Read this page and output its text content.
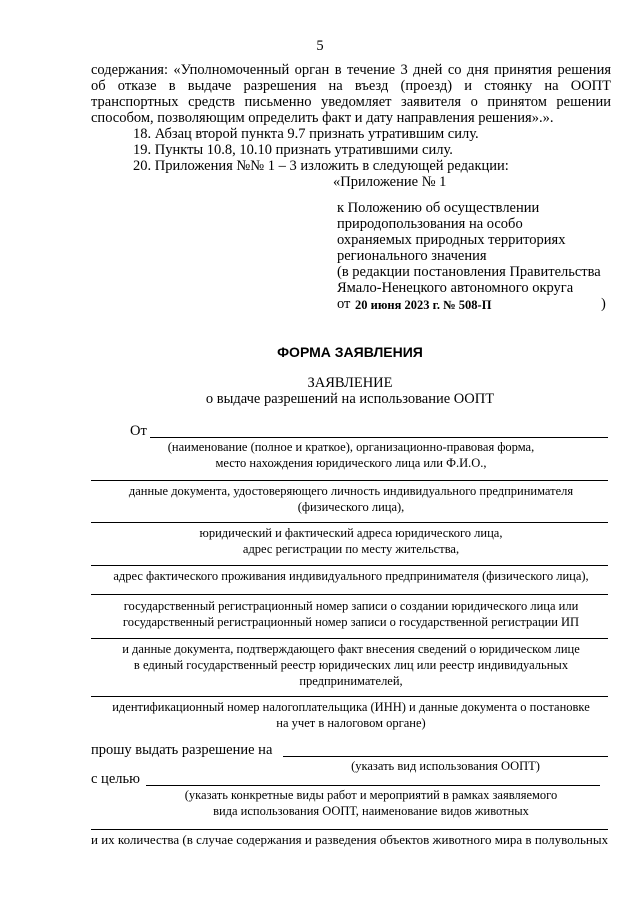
5
содержания: «Уполномоченный орган в течение 3 дней со дня принятия решения
об отказе в выдаче разрешения на въезд (проезд) и стоянку на ООПТ
транспортных средств письменно уведомляет заявителя о принятом решении
способом, позволяющим определить факт и дату направления решения».».
18. Абзац второй пункта 9.7 признать утратившим силу.
19. Пункты 10.8, 10.10 признать утратившими силу.
20. Приложения №№ 1 – 3 изложить в следующей редакции:
«Приложение № 1
к Положению об осуществлении
природопользования на особо
охраняемых природных территориях
регионального значения
(в редакции постановления Правительства
Ямало-Ненецкого автономного округа
от 20 июня 2023 г. № 508-П	)
ФОРМА ЗАЯВЛЕНИЯ
ЗАЯВЛЕНИЕ
о выдаче разрешений на использование ООПТ
От
(наименование (полное и краткое), организационно-правовая форма,
место нахождения юридического лица или Ф.И.О.,
данные документа, удостоверяющего личность индивидуального предпринимателя
(физического лица),
юридический и фактический адреса юридического лица,
адрес регистрации по месту жительства,
адрес фактического проживания индивидуального предпринимателя (физического лица),
государственный регистрационный номер записи о создании юридического лица или
государственный регистрационный номер записи о государственной регистрации ИП
и данные документа, подтверждающего факт внесения сведений о юридическом лице
в единый государственный реестр юридических лиц или реестр индивидуальных
предпринимателей,
идентификационный номер налогоплательщика (ИНН) и данные документа о постановке
на учет в налоговом органе)
прошу выдать разрешение на
(указать вид использования ООПТ)
с целью
(указать конкретные виды работ и мероприятий в рамках заявляемого
вида использования ООПТ, наименование видов животных
и их количества (в случае содержания и разведения объектов животного мира в полувольных
